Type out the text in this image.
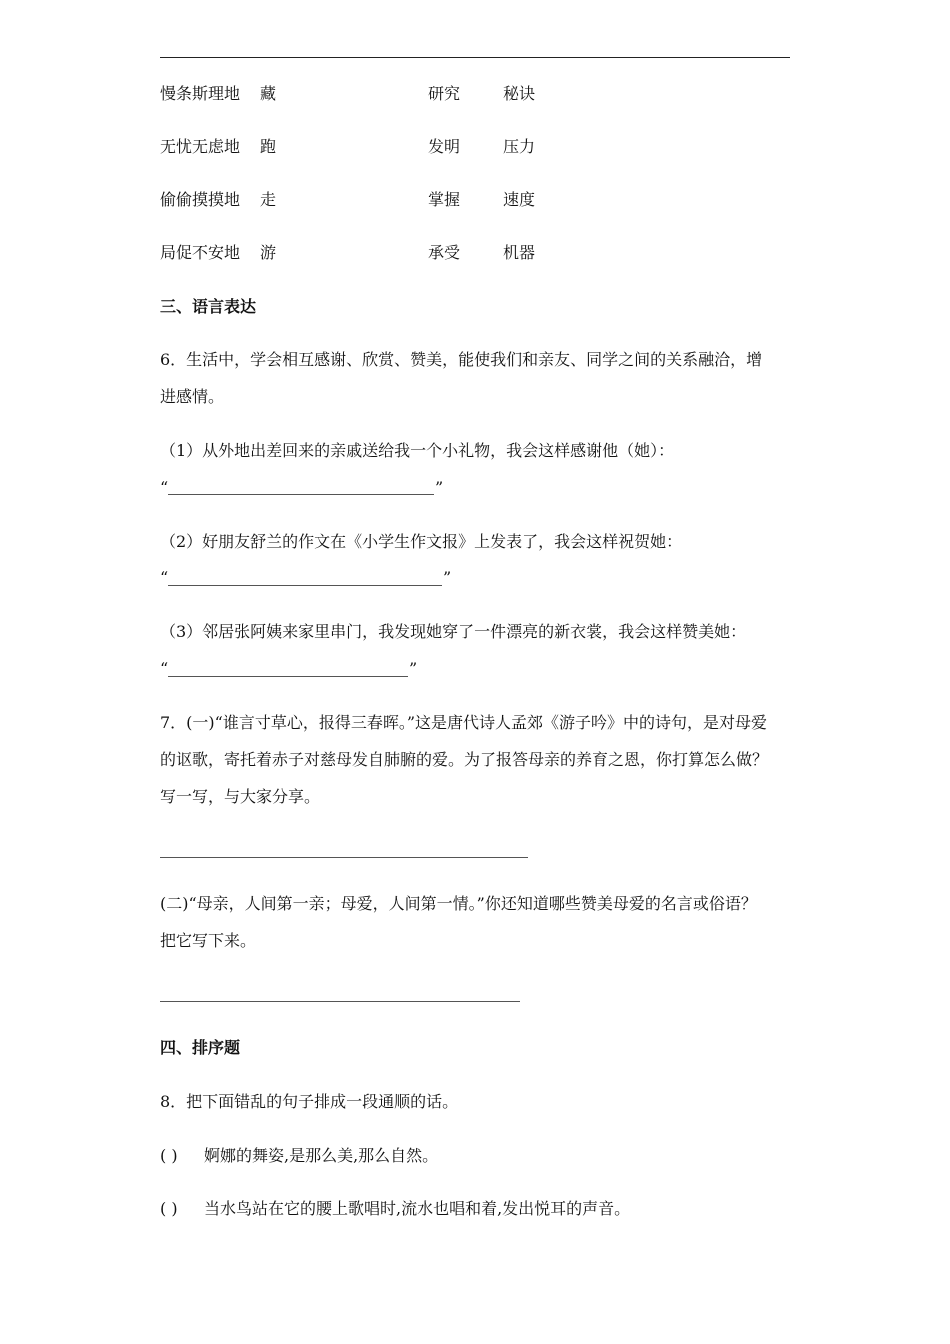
慢条斯理地 藏	研究	秘诀
无忧无虑地 跑	发明	压力
偷偷摸摸地 走	掌握	速度
局促不安地 游	承受	机器
三、语言表达
6．生活中，学会相互感谢、欣赏、赞美，能使我们和亲友、同学之间的关系融洽，增
进感情。
（1）从外地出差回来的亲戚送给我一个小礼物，我会这样感谢他（她）：
“	”
（2）好朋友舒兰的作文在《小学生作文报》上发表了，我会这样祝贺她：
“	”
（3）邻居张阿姨来家里串门，我发现她穿了一件漂亮的新衣裳，我会这样赞美她：
“	”
7．(一)“谁言寸草心，报得三春晖。”这是唐代诗人孟郊《游子吟》中的诗句，是对母爱
的讴歌，寄托着赤子对慈母发自肺腑的爱。为了报答母亲的养育之恩，你打算怎么做？
写一写，与大家分享。
(二)“母亲，人间第一亲；母爱，人间第一情。”你还知道哪些赞美母爱的名言或俗语？
把它写下来。
四、排序题
8．把下面错乱的句子排成一段通顺的话。
( ) 婀娜的舞姿,是那么美,那么自然。
( ) 当水鸟站在它的腰上歌唱时,流水也唱和着,发出悦耳的声音。
